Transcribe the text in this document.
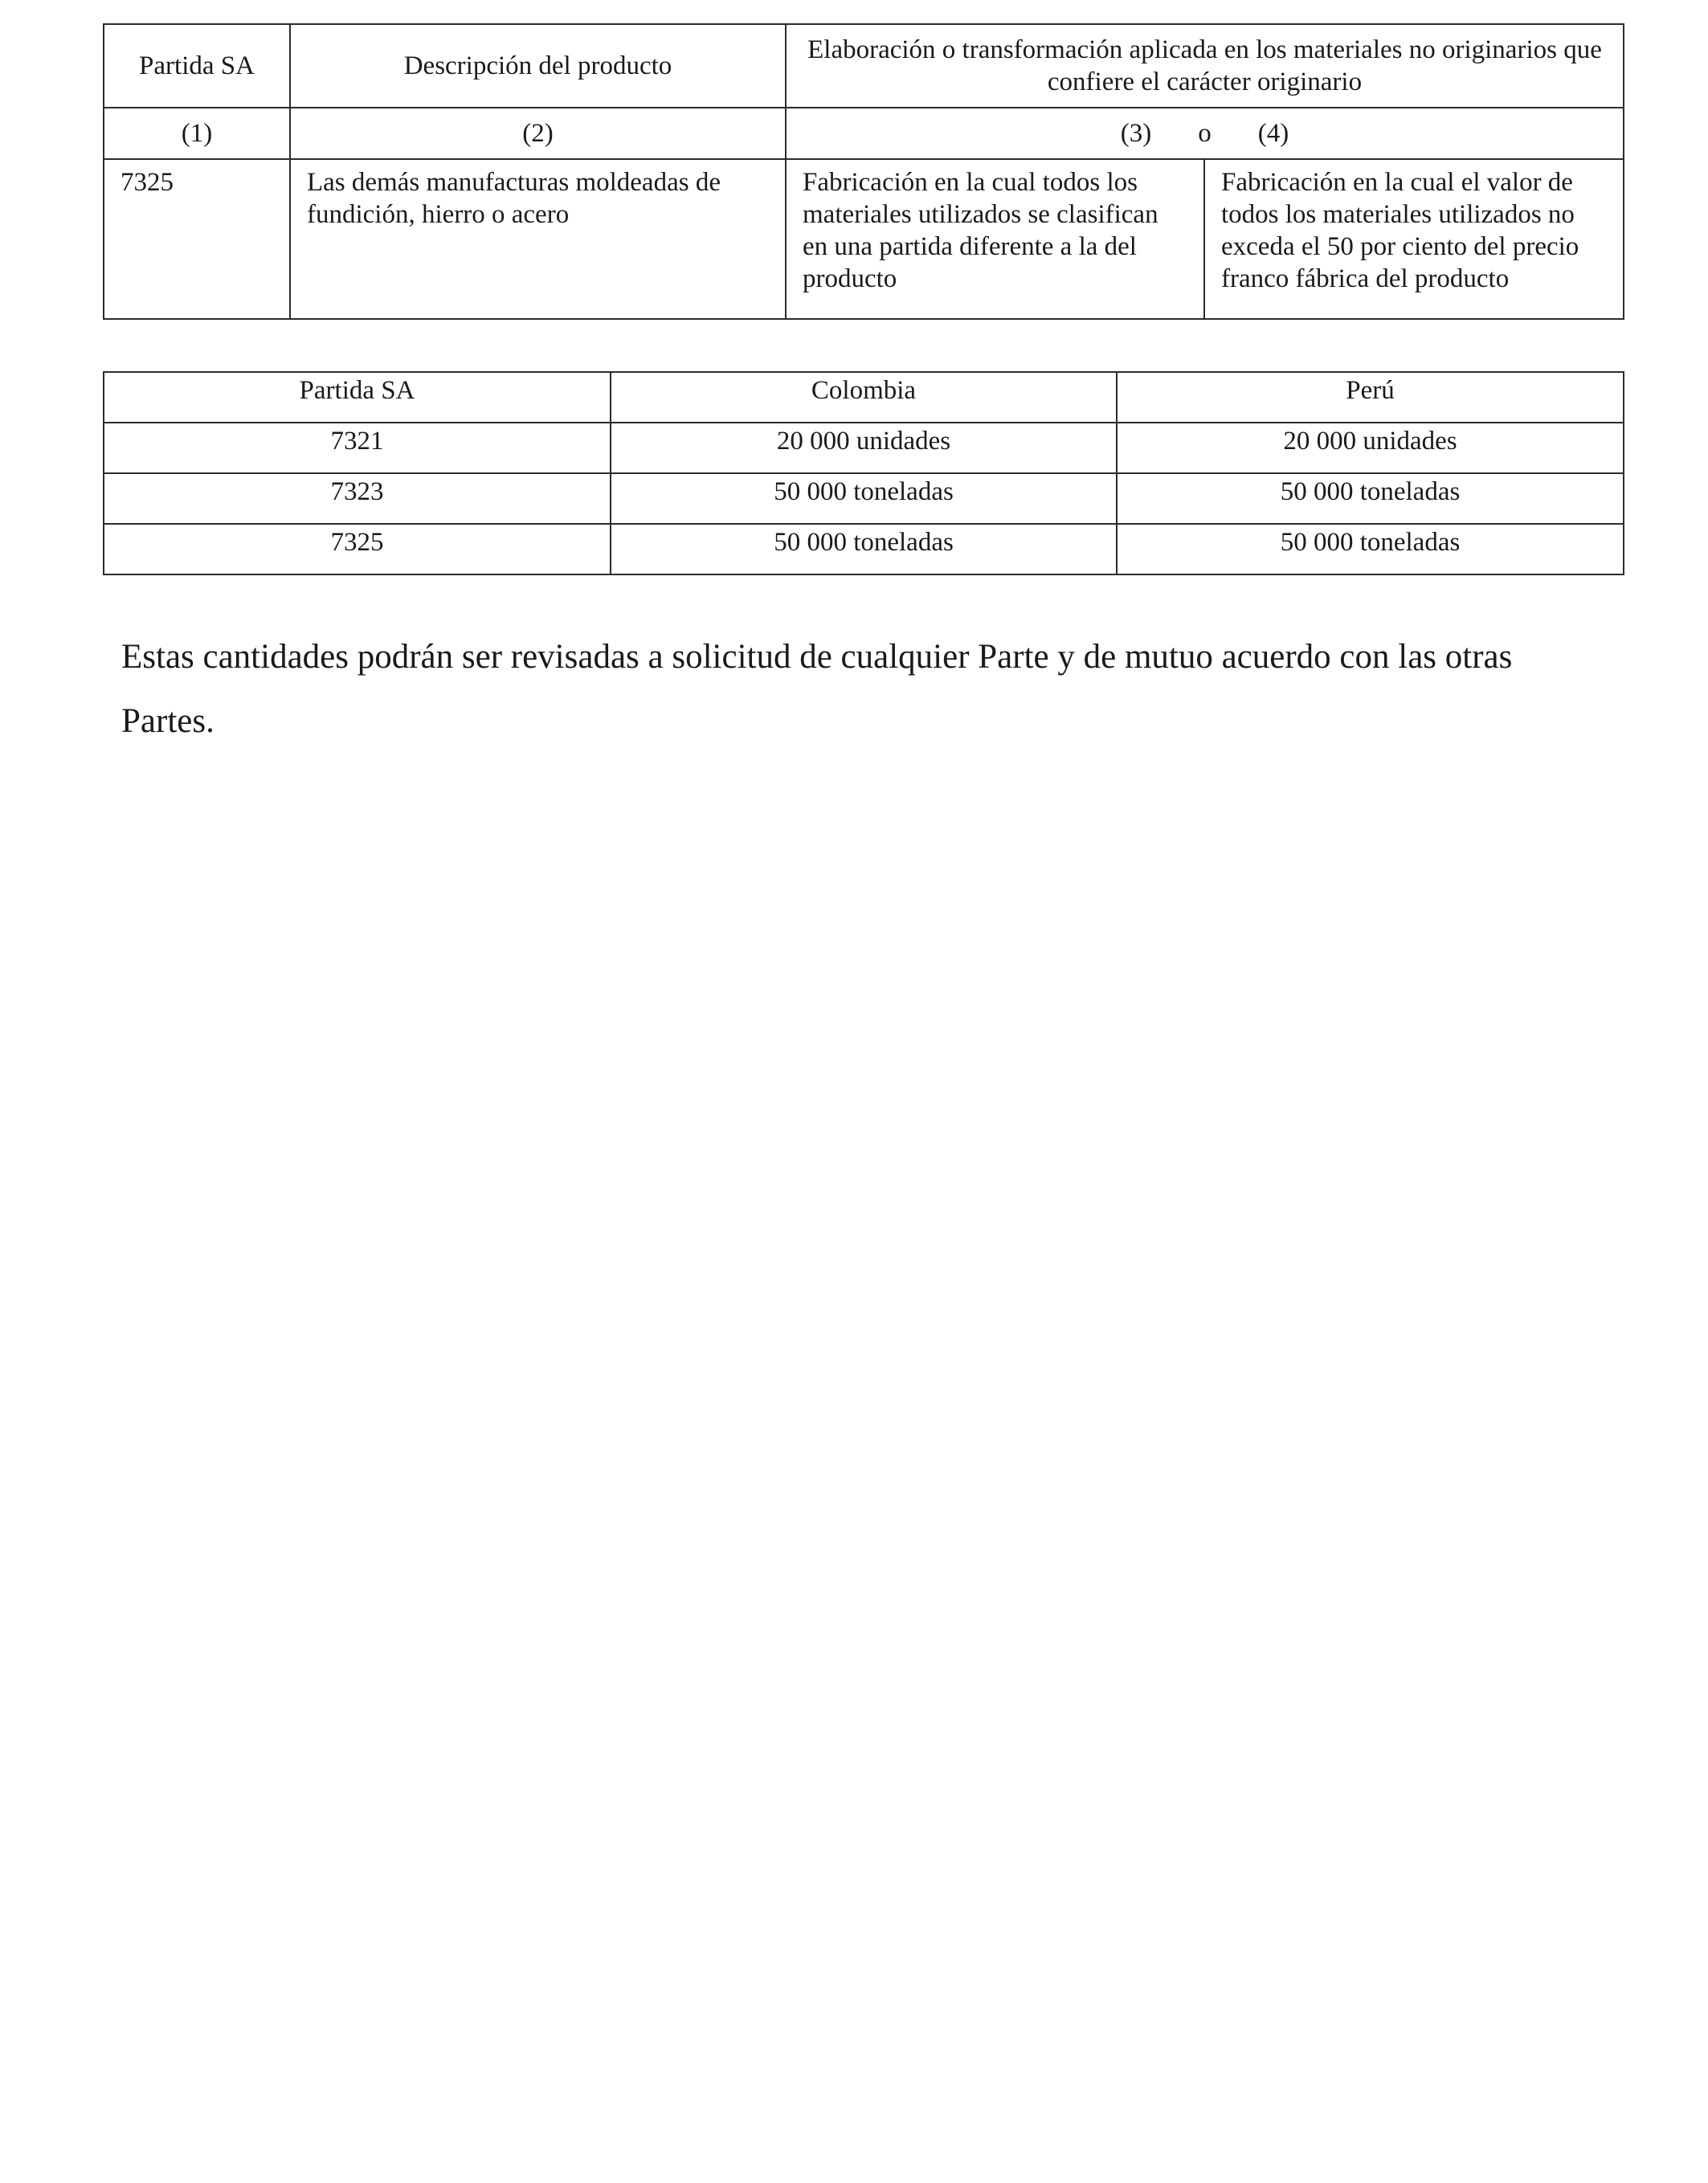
Partida SA	Descripción del producto	Elaboración o transformación aplicada en los materiales no originarios que confiere el carácter originario	
(1)	(2)	(3) o (4)	

7325	Las demás manufacturas moldeadas de fundición, hierro o acero	Fabricación en la cual todos los materiales utilizados se clasifican en una partida diferente a la del producto	Fabricación en la cual el valor de todos los materiales utilizados no exceda el 50 por ciento del precio franco fábrica del producto
Partida SA	Colombia	Perú
7321	20 000 unidades	20 000 unidades
7323	50 000 toneladas	50 000 toneladas
7325	50 000 toneladas	50 000 toneladas

Estas cantidades podrán ser revisadas a solicitud de cualquier Parte y de mutuo acuerdo con las otras Partes.
